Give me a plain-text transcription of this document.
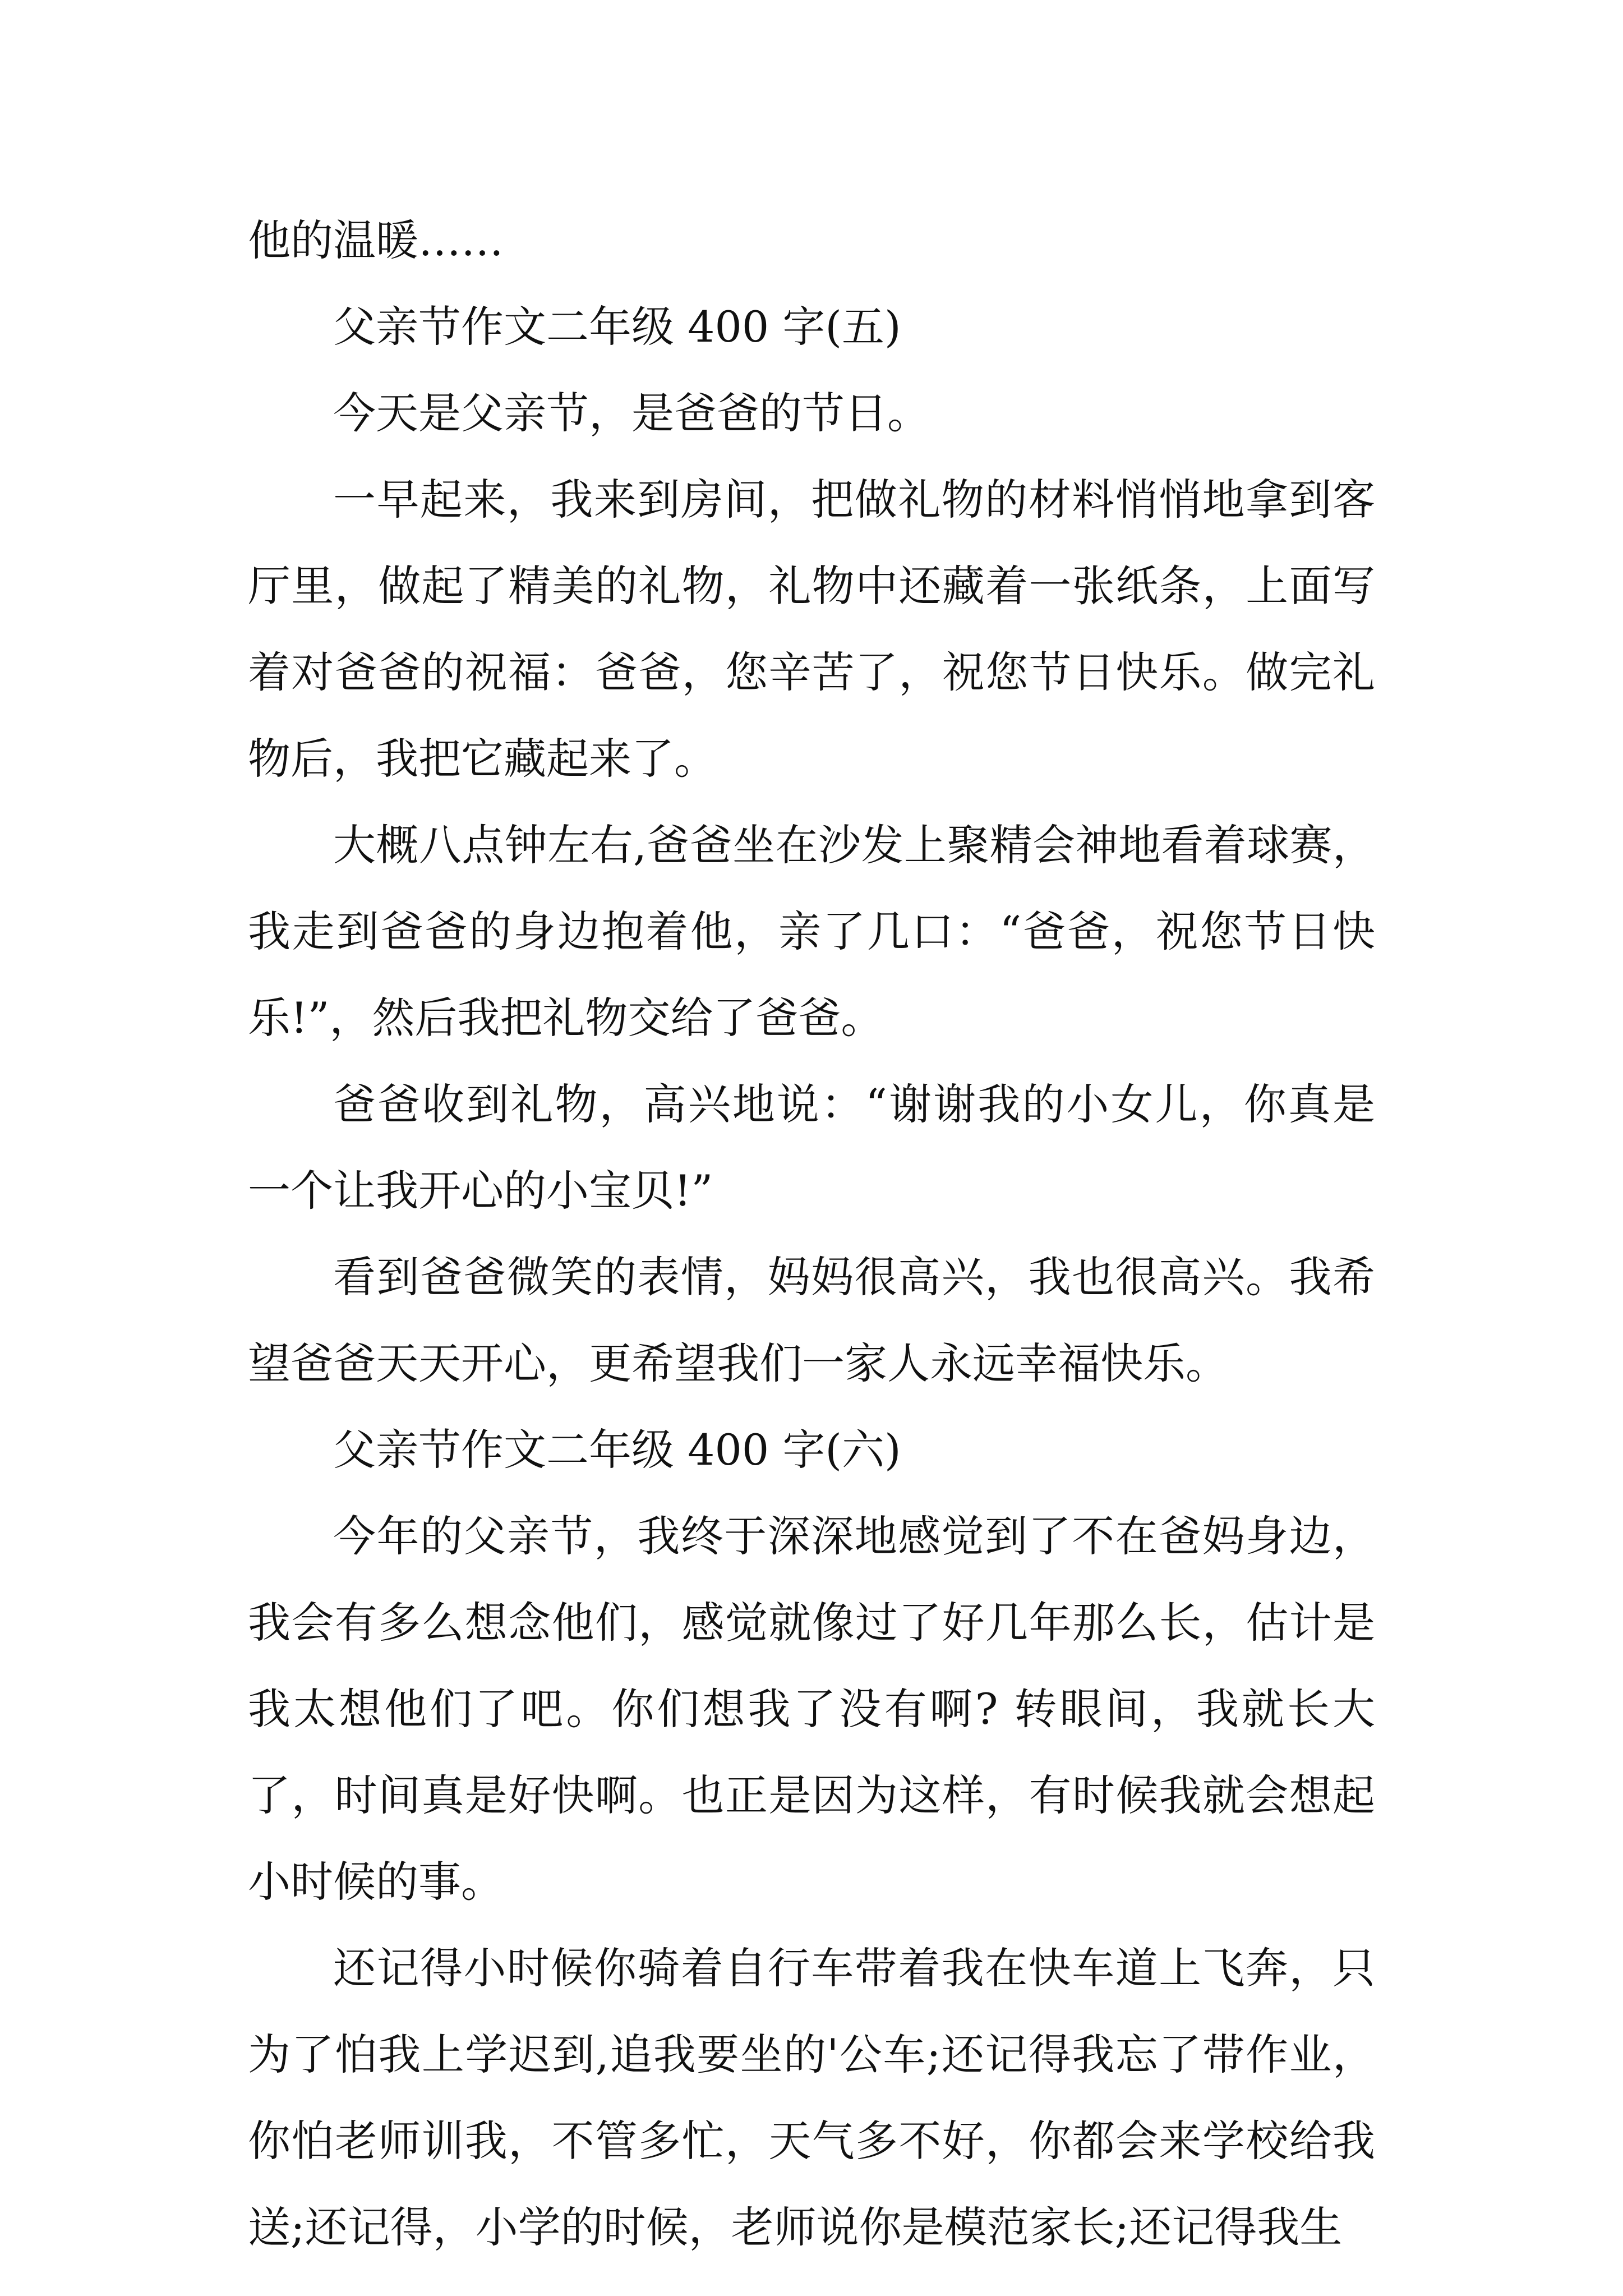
他的温暖……

父亲节作文二年级 400 字(五)

今天是父亲节，是爸爸的节日。

一早起来，我来到房间，把做礼物的材料悄悄地拿到客厅里，做起了精美的礼物，礼物中还藏着一张纸条，上面写着对爸爸的祝福：爸爸，您辛苦了，祝您节日快乐。做完礼物后，我把它藏起来了。

大概八点钟左右,爸爸坐在沙发上聚精会神地看着球赛，我走到爸爸的身边抱着他，亲了几口：“爸爸，祝您节日快乐!”，然后我把礼物交给了爸爸。

爸爸收到礼物，高兴地说：“谢谢我的小女儿，你真是一个让我开心的小宝贝!”

看到爸爸微笑的表情，妈妈很高兴，我也很高兴。我希望爸爸天天开心，更希望我们一家人永远幸福快乐。

父亲节作文二年级 400 字(六)

今年的父亲节，我终于深深地感觉到了不在爸妈身边，我会有多么想念他们，感觉就像过了好几年那么长，估计是我太想他们了吧。你们想我了没有啊? 转眼间，我就长大了，时间真是好快啊。也正是因为这样，有时候我就会想起小时候的事。

还记得小时候你骑着自行车带着我在快车道上飞奔，只为了怕我上学迟到,追我要坐的'公车;还记得我忘了带作业，你怕老师训我，不管多忙，天气多不好，你都会来学校给我送;还记得，小学的时候，老师说你是模范家长;还记得我生
